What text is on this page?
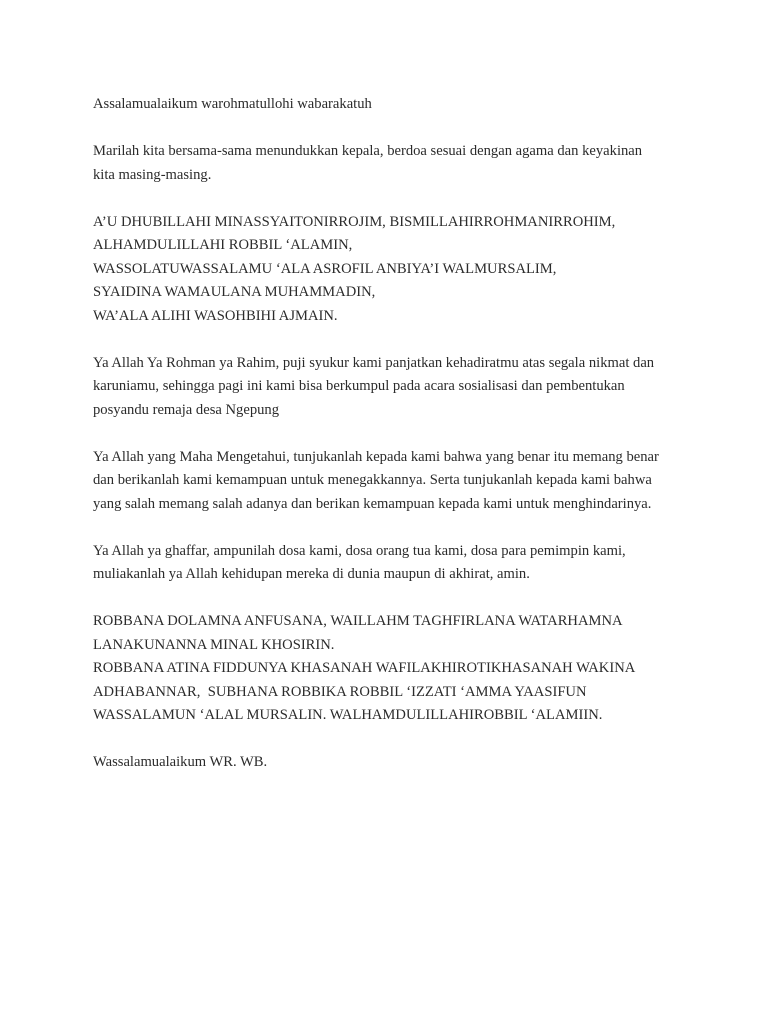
Assalamualaikum warohmatullohi wabarakatuh

Marilah kita bersama-sama menundukkan kepala, berdoa sesuai dengan agama dan keyakinan
kita masing-masing.

A’U DHUBILLAHI MINASSYAITONIRROJIM, BISMILLAHIRROHMANIRROHIM,
ALHAMDULILLAHI ROBBIL ‘ALAMIN,
WASSOLATUWASSALAMU ‘ALA ASROFIL ANBIYA’I WALMURSALIM,
SYAIDINA WAMAULANA MUHAMMADIN,
WA’ALA ALIHI WASOHBIHI AJMAIN.

Ya Allah Ya Rohman ya Rahim, puji syukur kami panjatkan kehadiratmu atas segala nikmat dan
karuniamu, sehingga pagi ini kami bisa berkumpul pada acara sosialisasi dan pembentukan
posyandu remaja desa Ngepung

Ya Allah yang Maha Mengetahui, tunjukanlah kepada kami bahwa yang benar itu memang benar
dan berikanlah kami kemampuan untuk menegakkannya. Serta tunjukanlah kepada kami bahwa
yang salah memang salah adanya dan berikan kemampuan kepada kami untuk menghindarinya.

Ya Allah ya ghaffar, ampunilah dosa kami, dosa orang tua kami, dosa para pemimpin kami,
muliakanlah ya Allah kehidupan mereka di dunia maupun di akhirat, amin.

ROBBANA DOLAMNA ANFUSANA, WAILLAHM TAGHFIRLANA WATARHAMNA
LANAKUNANNA MINAL KHOSIRIN.
ROBBANA ATINA FIDDUNYA KHASANAH WAFILAKHIROTIKHASANAH WAKINA
ADHABANNAR,  SUBHANA ROBBIKA ROBBIL ‘IZZATI ‘AMMA YAASIFUN
WASSALAMUN ‘ALAL MURSALIN. WALHAMDULILLAHIROBBIL ‘ALAMIIN.

Wassalamualaikum WR. WB.
